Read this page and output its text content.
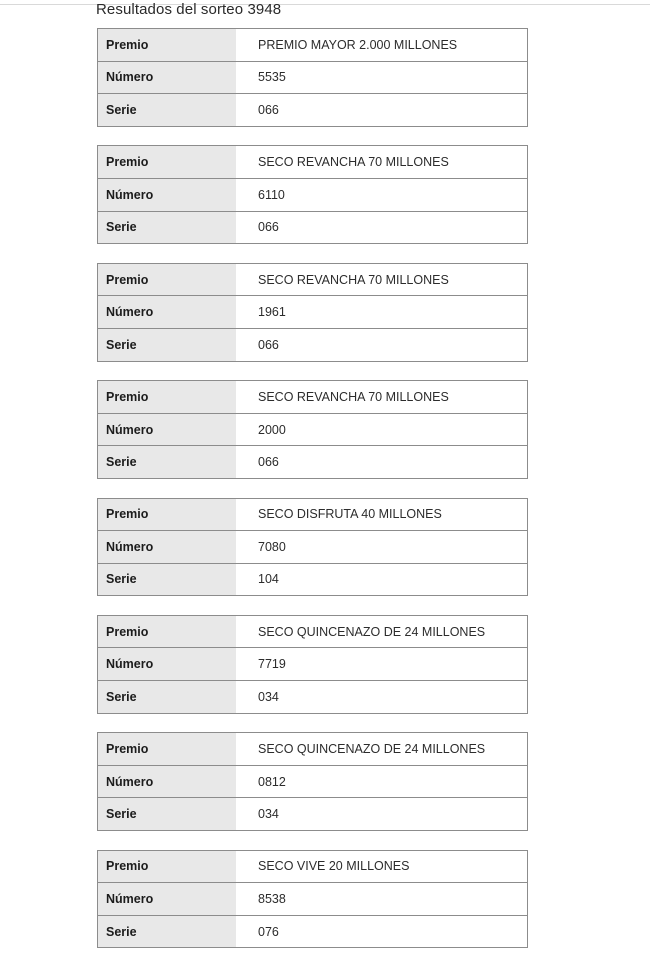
Resultados del sorteo 3948
Premio	PREMIO MAYOR 2.000 MILLONES
Número	5535
Serie	066
Premio	SECO REVANCHA 70 MILLONES
Número	6110
Serie	066
Premio	SECO REVANCHA 70 MILLONES
Número	1961
Serie	066
Premio	SECO REVANCHA 70 MILLONES
Número	2000
Serie	066
Premio	SECO DISFRUTA 40 MILLONES
Número	7080
Serie	104
Premio	SECO QUINCENAZO DE 24 MILLONES
Número	7719
Serie	034
Premio	SECO QUINCENAZO DE 24 MILLONES
Número	0812
Serie	034
Premio	SECO VIVE 20 MILLONES
Número	8538
Serie	076
